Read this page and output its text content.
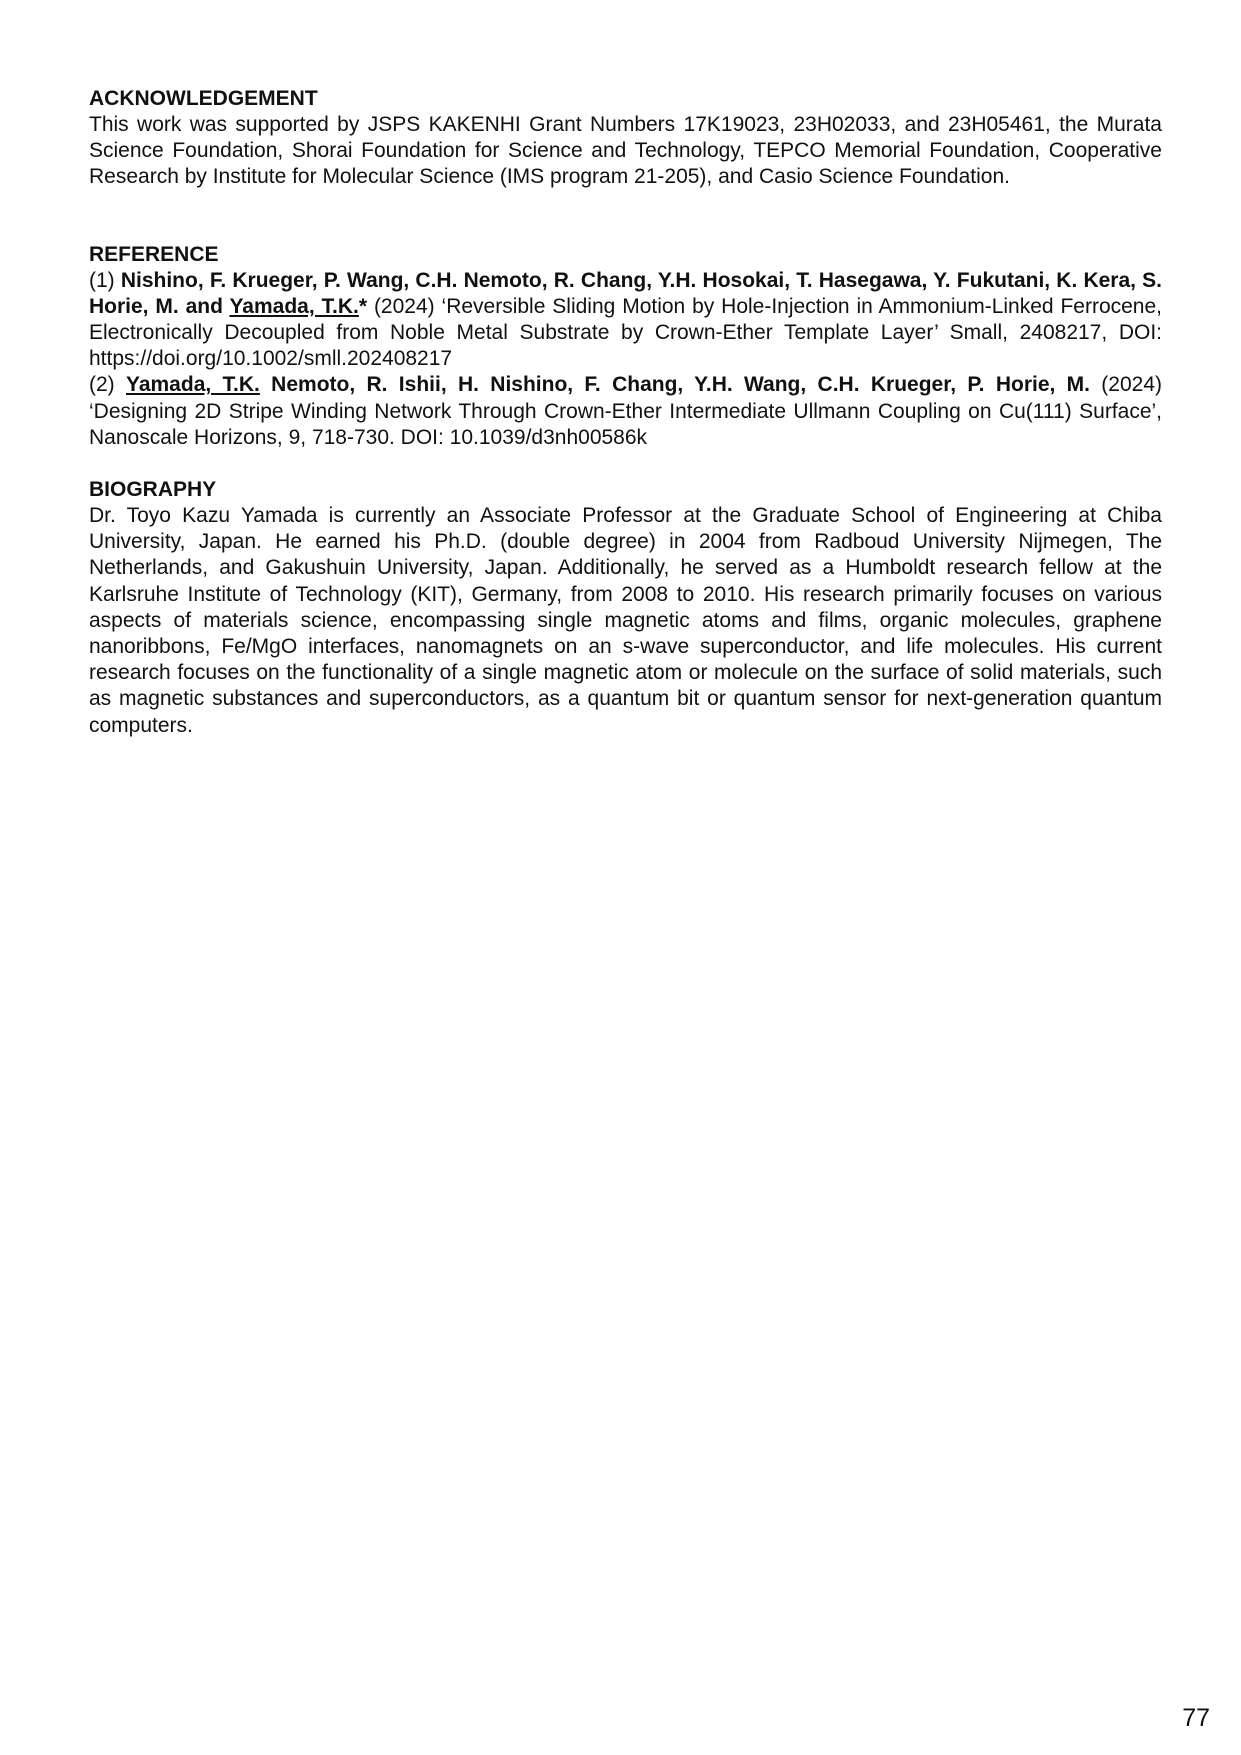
ACKNOWLEDGEMENT

This work was supported by JSPS KAKENHI Grant Numbers 17K19023, 23H02033, and 23H05461, the Murata Science Foundation, Shorai Foundation for Science and Technology, TEPCO Memorial Foundation, Cooperative Research by Institute for Molecular Science (IMS program 21-205), and Casio Science Foundation.

REFERENCE

(1) Nishino, F. Krueger, P. Wang, C.H. Nemoto, R. Chang, Y.H. Hosokai, T. Hasegawa, Y. Fukutani, K. Kera, S. Horie, M. and Yamada, T.K.* (2024) ‘Reversible Sliding Motion by Hole-Injection in Ammonium-Linked Ferrocene, Electronically Decoupled from Noble Metal Substrate by Crown-Ether Template Layer’ Small, 2408217, DOI: https://doi.org/10.1002/smll.202408217

(2) Yamada, T.K. Nemoto, R. Ishii, H. Nishino, F. Chang, Y.H. Wang, C.H. Krueger, P. Horie, M. (2024) ‘Designing 2D Stripe Winding Network Through Crown-Ether Intermediate Ullmann Coupling on Cu(111) Surface’, Nanoscale Horizons, 9, 718-730. DOI: 10.1039/d3nh00586k

BIOGRAPHY

Dr. Toyo Kazu Yamada is currently an Associate Professor at the Graduate School of Engineering at Chiba University, Japan. He earned his Ph.D. (double degree) in 2004 from Radboud University Nijmegen, The Netherlands, and Gakushuin University, Japan. Additionally, he served as a Humboldt research fellow at the Karlsruhe Institute of Technology (KIT), Germany, from 2008 to 2010. His research primarily focuses on various aspects of materials science, encompassing single magnetic atoms and films, organic molecules, graphene nanoribbons, Fe/MgO interfaces, nanomagnets on an s-wave superconductor, and life molecules. His current research focuses on the functionality of a single magnetic atom or molecule on the surface of solid materials, such as magnetic substances and superconductors, as a quantum bit or quantum sensor for next-generation quantum computers.

77
